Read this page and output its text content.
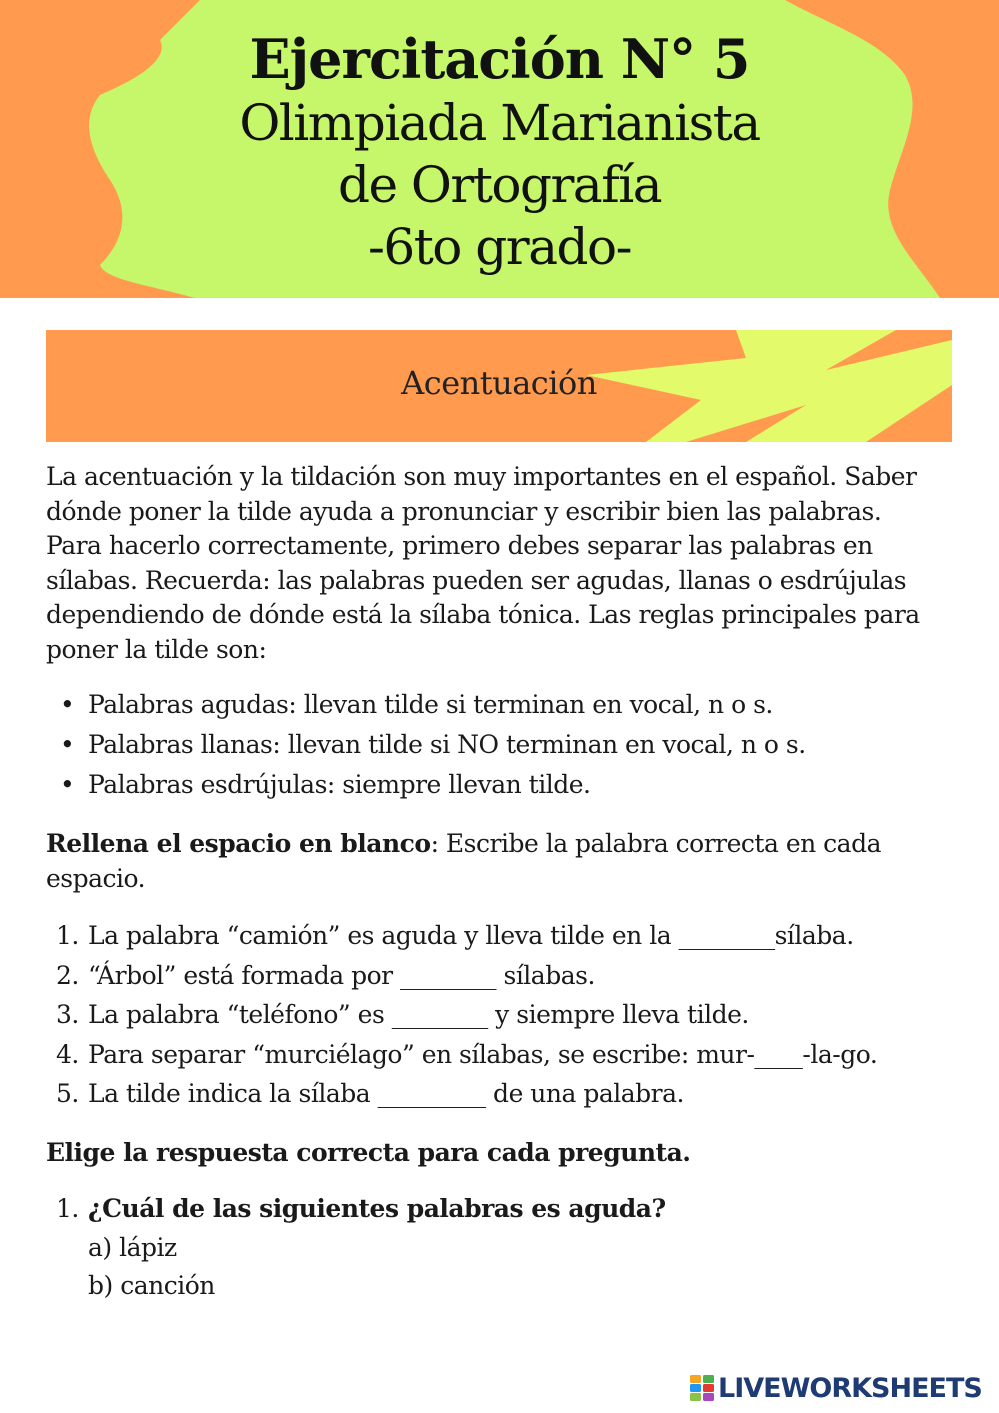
Ejercitación N° 5
Olimpiada Marianista
de Ortografía
-6to grado-
Acentuación
La acentuación y la tildación son muy importantes en el español. Saber
dónde poner la tilde ayuda a pronunciar y escribir bien las palabras.
Para hacerlo correctamente, primero debes separar las palabras en
sílabas. Recuerda: las palabras pueden ser agudas, llanas o esdrújulas
dependiendo de dónde está la sílaba tónica. Las reglas principales para
poner la tilde son:
• Palabras agudas: llevan tilde si terminan en vocal, n o s.
• Palabras llanas: llevan tilde si NO terminan en vocal, n o s.
• Palabras esdrújulas: siempre llevan tilde.
Rellena el espacio en blanco: Escribe la palabra correcta en cada
espacio.
1. La palabra “camión” es aguda y lleva tilde en la ________sílaba.
2. “Árbol” está formada por ________ sílabas.
3. La palabra “teléfono” es ________ y siempre lleva tilde.
4. Para separar “murciélago” en sílabas, se escribe: mur-____-la-go.
5. La tilde indica la sílaba _________ de una palabra.
Elige la respuesta correcta para cada pregunta.
1. ¿Cuál de las siguientes palabras es aguda?
a) lápiz
b) canción
LIVEWORKSHEETS
